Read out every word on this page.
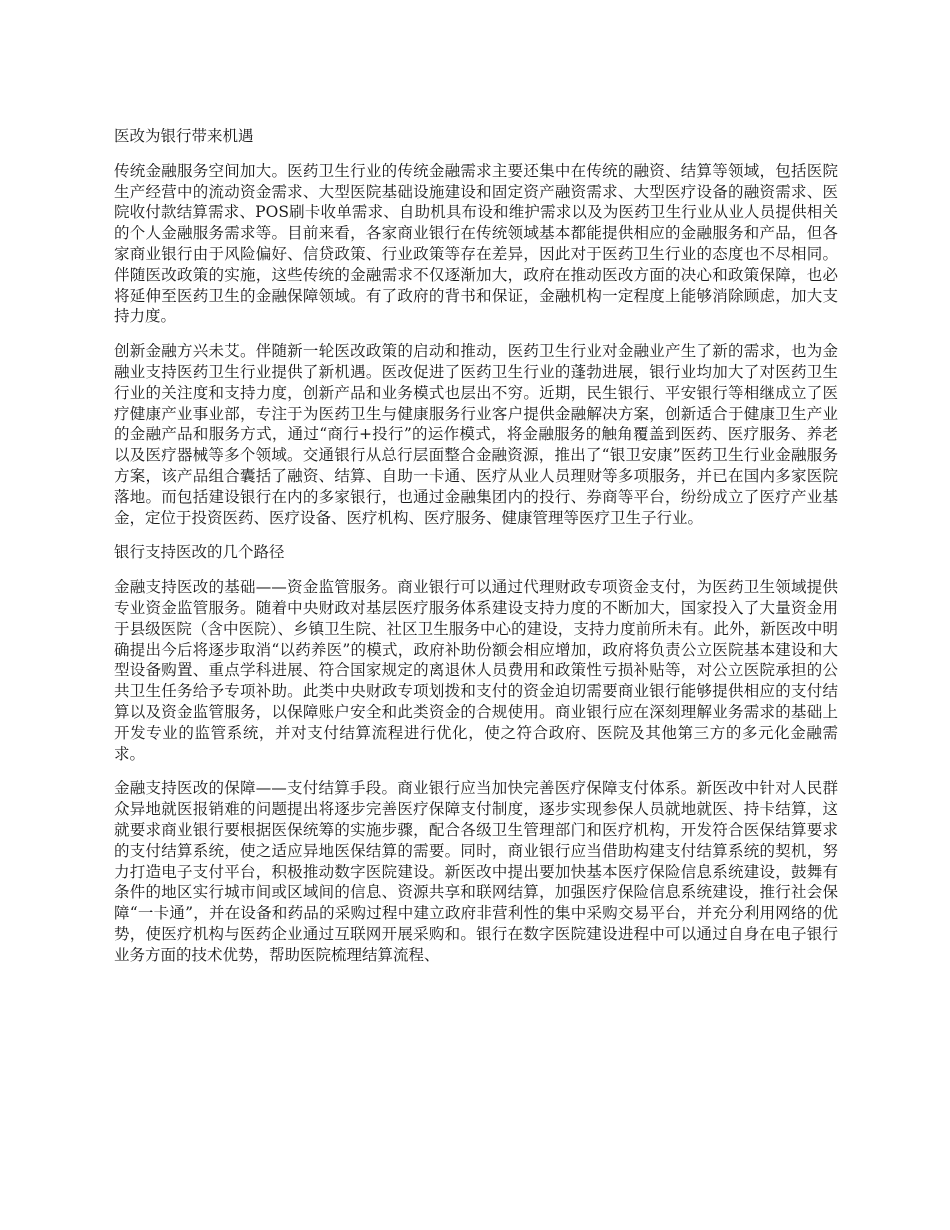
医改为银行带来机遇

传统金融服务空间加大。医药卫生行业的传统金融需求主要还集中在传统的融资、结算等领域，包括医院生产经营中的流动资金需求、大型医院基础设施建设和固定资产融资需求、大型医疗设备的融资需求、医院收付款结算需求、POS刷卡收单需求、自助机具布设和维护需求以及为医药卫生行业从业人员提供相关的个人金融服务需求等。目前来看，各家商业银行在传统领域基本都能提供相应的金融服务和产品，但各家商业银行由于风险偏好、信贷政策、行业政策等存在差异，因此对于医药卫生行业的态度也不尽相同。伴随医改政策的实施，这些传统的金融需求不仅逐渐加大，政府在推动医改方面的决心和政策保障，也必将延伸至医药卫生的金融保障领域。有了政府的背书和保证，金融机构一定程度上能够消除顾虑，加大支持力度。

创新金融方兴未艾。伴随新一轮医改政策的启动和推动，医药卫生行业对金融业产生了新的需求，也为金融业支持医药卫生行业提供了新机遇。医改促进了医药卫生行业的蓬勃进展，银行业均加大了对医药卫生行业的关注度和支持力度，创新产品和业务模式也层出不穷。近期，民生银行、平安银行等相继成立了医疗健康产业事业部，专注于为医药卫生与健康服务行业客户提供金融解决方案，创新适合于健康卫生产业的金融产品和服务方式，通过“商行+投行”的运作模式，将金融服务的触角覆盖到医药、医疗服务、养老以及医疗器械等多个领域。交通银行从总行层面整合金融资源，推出了“银卫安康”医药卫生行业金融服务方案，该产品组合囊括了融资、结算、自助一卡通、医疗从业人员理财等多项服务，并已在国内多家医院落地。而包括建设银行在内的多家银行，也通过金融集团内的投行、券商等平台，纷纷成立了医疗产业基金，定位于投资医药、医疗设备、医疗机构、医疗服务、健康管理等医疗卫生子行业。

银行支持医改的几个路径

金融支持医改的基础——资金监管服务。商业银行可以通过代理财政专项资金支付，为医药卫生领域提供专业资金监管服务。随着中央财政对基层医疗服务体系建设支持力度的不断加大，国家投入了大量资金用于县级医院（含中医院）、乡镇卫生院、社区卫生服务中心的建设，支持力度前所未有。此外，新医改中明确提出今后将逐步取消“以药养医”的模式，政府补助份额会相应增加，政府将负责公立医院基本建设和大型设备购置、重点学科进展、符合国家规定的离退休人员费用和政策性亏损补贴等，对公立医院承担的公共卫生任务给予专项补助。此类中央财政专项划拨和支付的资金迫切需要商业银行能够提供相应的支付结算以及资金监管服务，以保障账户安全和此类资金的合规使用。商业银行应在深刻理解业务需求的基础上开发专业的监管系统，并对支付结算流程进行优化，使之符合政府、医院及其他第三方的多元化金融需求。

金融支持医改的保障——支付结算手段。商业银行应当加快完善医疗保障支付体系。新医改中针对人民群众异地就医报销难的问题提出将逐步完善医疗保障支付制度，逐步实现参保人员就地就医、持卡结算，这就要求商业银行要根据医保统筹的实施步骤，配合各级卫生管理部门和医疗机构，开发符合医保结算要求的支付结算系统，使之适应异地医保结算的需要。同时，商业银行应当借助构建支付结算系统的契机，努力打造电子支付平台，积极推动数字医院建设。新医改中提出要加快基本医疗保险信息系统建设，鼓舞有条件的地区实行城市间或区域间的信息、资源共享和联网结算，加强医疗保险信息系统建设，推行社会保障“一卡通”，并在设备和药品的采购过程中建立政府非营利性的集中采购交易平台，并充分利用网络的优势，使医疗机构与医药企业通过互联网开展采购和。银行在数字医院建设进程中可以通过自身在电子银行业务方面的技术优势，帮助医院梳理结算流程、
